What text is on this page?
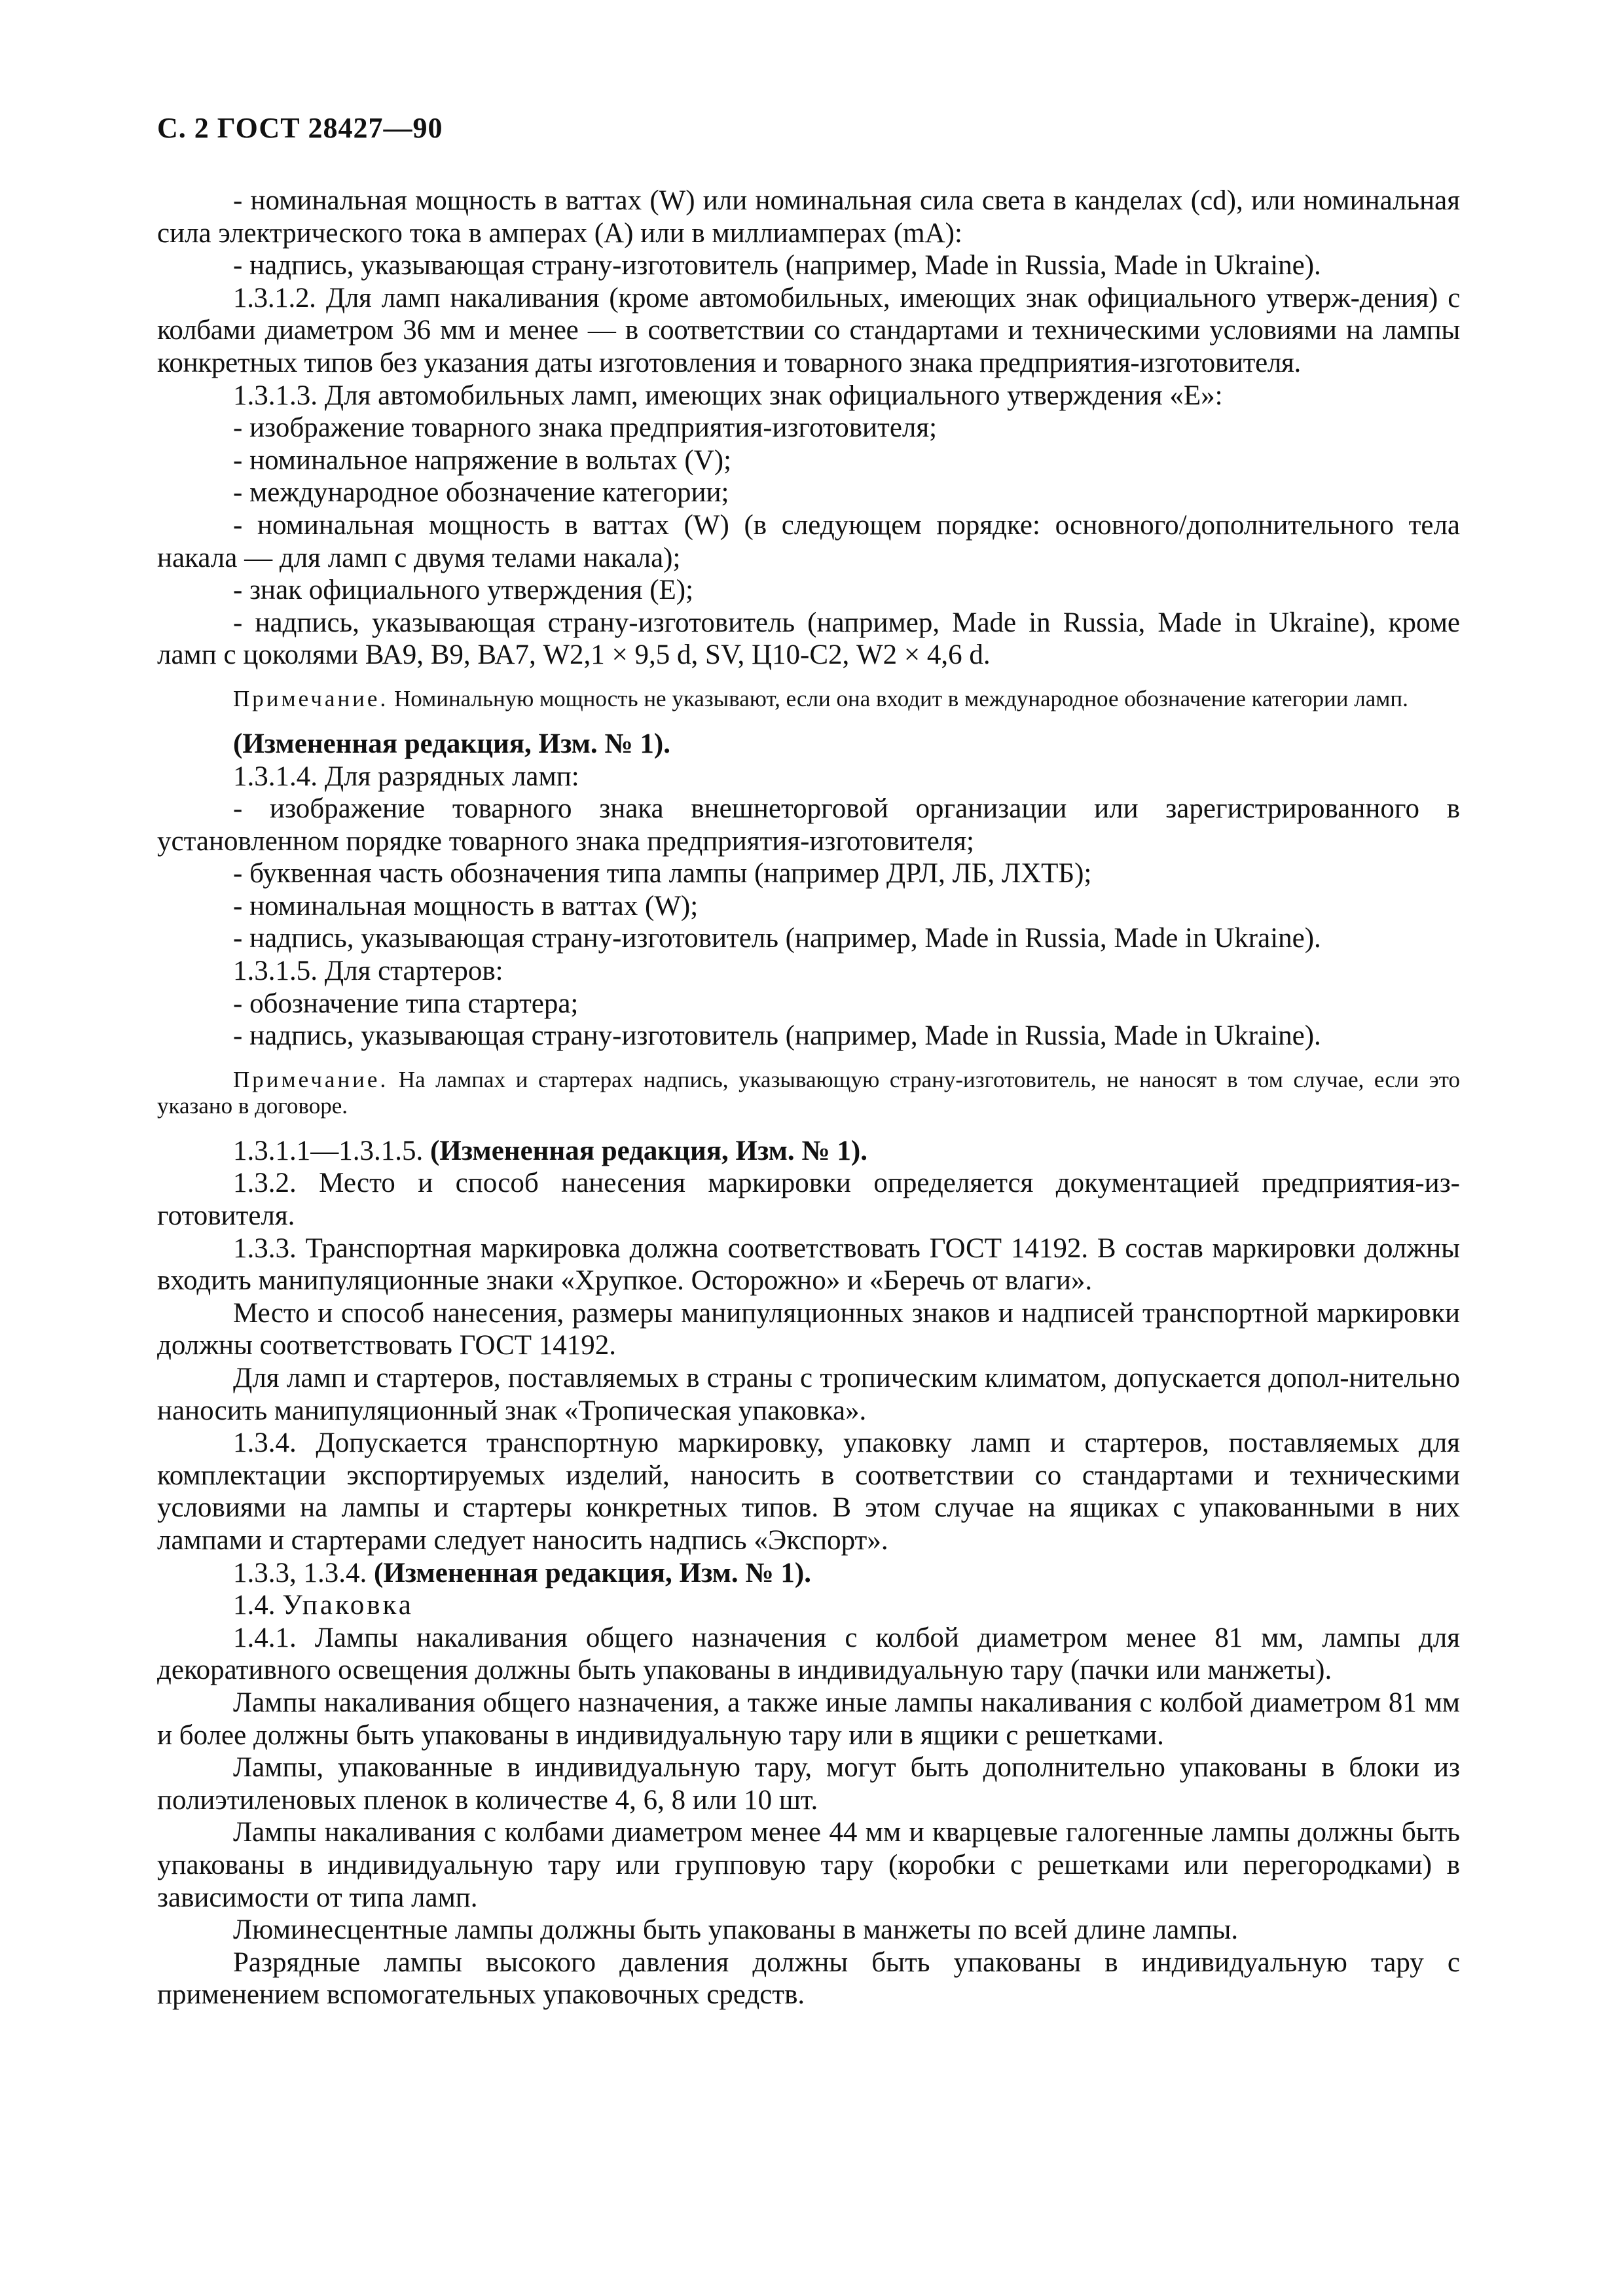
С. 2 ГОСТ 28427—90

- номинальная мощность в ваттах (W) или номинальная сила света в канделах (cd), или номинальная сила электрического тока в амперах (А) или в миллиамперах (mA):

- надпись, указывающая страну-изготовитель (например, Made in Russia, Made in Ukraine).

1.3.1.2. Для ламп накаливания (кроме автомобильных, имеющих знак официального утверж-дения) с колбами диаметром 36 мм и менее — в соответствии со стандартами и техническими условиями на лампы конкретных типов без указания даты изготовления и товарного знака предприятия-изготовителя.

1.3.1.3. Для автомобильных ламп, имеющих знак официального утверждения «Е»:

- изображение товарного знака предприятия-изготовителя;

- номинальное напряжение в вольтах (V);

- международное обозначение категории;

- номинальная мощность в ваттах (W) (в следующем порядке: основного/дополнительного тела накала — для ламп с двумя телами накала);

- знак официального утверждения (Е);

- надпись, указывающая страну-изготовитель (например, Made in Russia, Made in Ukraine), кроме ламп с цоколями ВА9, В9, ВА7, W2,1 × 9,5 d, SV, Ц10-С2, W2 × 4,6 d.

Примечание. Номинальную мощность не указывают, если она входит в международное обозначение категории ламп.

(Измененная редакция, Изм. № 1).

1.3.1.4. Для разрядных ламп:

- изображение товарного знака внешнеторговой организации или зарегистрированного в установленном порядке товарного знака предприятия-изготовителя;

- буквенная часть обозначения типа лампы (например ДРЛ, ЛБ, ЛХТБ);

- номинальная мощность в ваттах (W);

- надпись, указывающая страну-изготовитель (например, Made in Russia, Made in Ukraine).

1.3.1.5. Для стартеров:

- обозначение типа стартера;

- надпись, указывающая страну-изготовитель (например, Made in Russia, Made in Ukraine).

Примечание. На лампах и стартерах надпись, указывающую страну-изготовитель, не наносят в том случае, если это указано в договоре.

1.3.1.1—1.3.1.5. (Измененная редакция, Изм. № 1).

1.3.2. Место и способ нанесения маркировки определяется документацией предприятия-из-готовителя.

1.3.3. Транспортная маркировка должна соответствовать ГОСТ 14192. В состав маркировки должны входить манипуляционные знаки «Хрупкое. Осторожно» и «Беречь от влаги».

Место и способ нанесения, размеры манипуляционных знаков и надписей транспортной маркировки должны соответствовать ГОСТ 14192.

Для ламп и стартеров, поставляемых в страны с тропическим климатом, допускается допол-нительно наносить манипуляционный знак «Тропическая упаковка».

1.3.4. Допускается транспортную маркировку, упаковку ламп и стартеров, поставляемых для комплектации экспортируемых изделий, наносить в соответствии со стандартами и техническими условиями на лампы и стартеры конкретных типов. В этом случае на ящиках с упакованными в них лампами и стартерами следует наносить надпись «Экспорт».

1.3.3, 1.3.4. (Измененная редакция, Изм. № 1).

1.4. Упаковка

1.4.1. Лампы накаливания общего назначения с колбой диаметром менее 81 мм, лампы для декоративного освещения должны быть упакованы в индивидуальную тару (пачки или манжеты).

Лампы накаливания общего назначения, а также иные лампы накаливания с колбой диаметром 81 мм и более должны быть упакованы в индивидуальную тару или в ящики с решетками.

Лампы, упакованные в индивидуальную тару, могут быть дополнительно упакованы в блоки из полиэтиленовых пленок в количестве 4, 6, 8 или 10 шт.

Лампы накаливания с колбами диаметром менее 44 мм и кварцевые галогенные лампы должны быть упакованы в индивидуальную тару или групповую тару (коробки с решетками или перегородками) в зависимости от типа ламп.

Люминесцентные лампы должны быть упакованы в манжеты по всей длине лампы.

Разрядные лампы высокого давления должны быть упакованы в индивидуальную тару с применением вспомогательных упаковочных средств.
